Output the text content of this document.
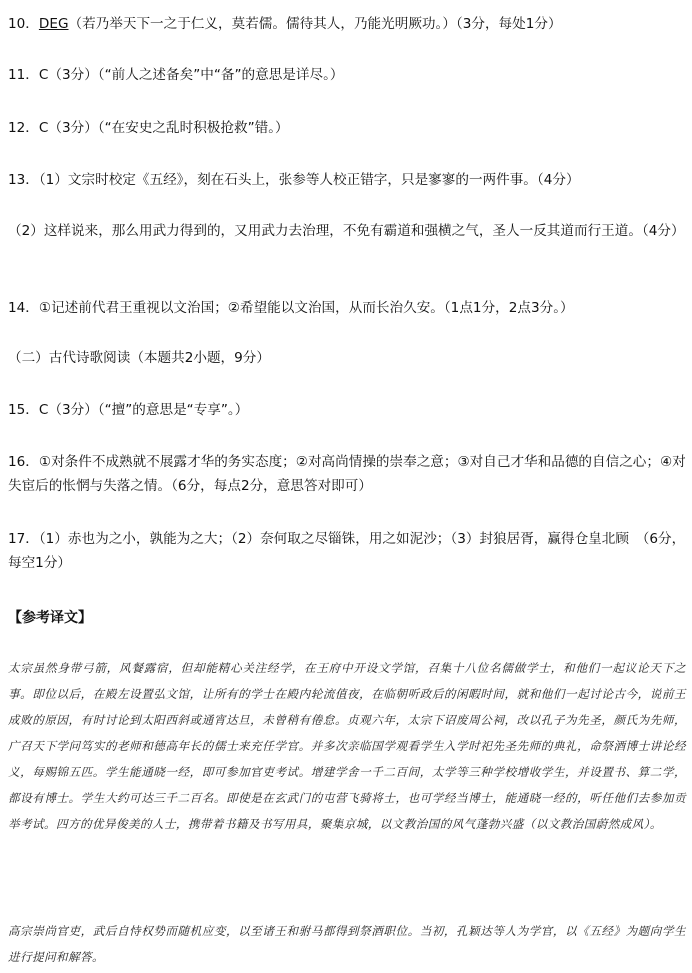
10．DEG（若乃举天下一之于仁义，莫若儒。儒待其人，乃能光明厥功。）（3分，每处1分）
11．C（3分）（“前人之述备矣”中“备”的意思是详尽。）
12．C（3分）（“在安史之乱时积极抢救”错。）
13．（1）文宗时校定《五经》，刻在石头上，张参等人校正错字，只是寥寥的一两件事。（4分）
（2）这样说来，那么用武力得到的，又用武力去治理，不免有霸道和强横之气，圣人一反其道而行王道。（4分）
14．①记述前代君王重视以文治国；②希望能以文治国，从而长治久安。（1点1分，2点3分。）
（二）古代诗歌阅读（本题共2小题，9分）
15．C（3分）（“擅”的意思是“专享”。）
16．①对条件不成熟就不展露才华的务实态度；②对高尚情操的崇奉之意；③对自己才华和品德的自信之心；④对失宦后的怅惘与失落之情。（6分，每点2分，意思答对即可）
17．（1）赤也为之小，孰能为之大；（2）奈何取之尽锱铢，用之如泥沙；（3）封狼居胥，赢得仓皇北顾　（6分，每空1分）
【参考译文】
太宗虽然身带弓箭，风餐露宿，但却能精心关注经学，在王府中开设文学馆，召集十八位名儒做学士，和他们一起议论天下之事。即位以后，在殿左设置弘文馆，让所有的学士在殿内轮流值夜，在临朝听政后的闲暇时间，就和他们一起讨论古今，说前王成败的原因，有时讨论到太阳西斜或通宵达旦，未曾稍有倦怠。贞观六年，太宗下诏废周公祠，改以孔子为先圣，颜氏为先师，广召天下学问笃实的老师和德高年长的儒士来充任学官。并多次亲临国学观看学生入学时祀先圣先师的典礼，命祭酒博士讲论经义，每赐锦五匹。学生能通晓一经，即可参加官吏考试。增建学舍一千二百间，太学等三种学校增收学生，并设置书、算二学，都设有博士。学生大约可达三千二百名。即使是在玄武门的屯营飞骑将士，也可学经当博士，能通晓一经的，听任他们去参加贡举考试。四方的优异俊美的人士，携带着书籍及书写用具，聚集京城，以文教治国的风气蓬勃兴盛（以文教治国蔚然成风）。
高宗崇尚官吏，武后自恃权势而随机应变，以至诸王和驸马都得到祭酒职位。当初，孔颖达等人为学官，以《五经》为题向学生进行提问和解答。
